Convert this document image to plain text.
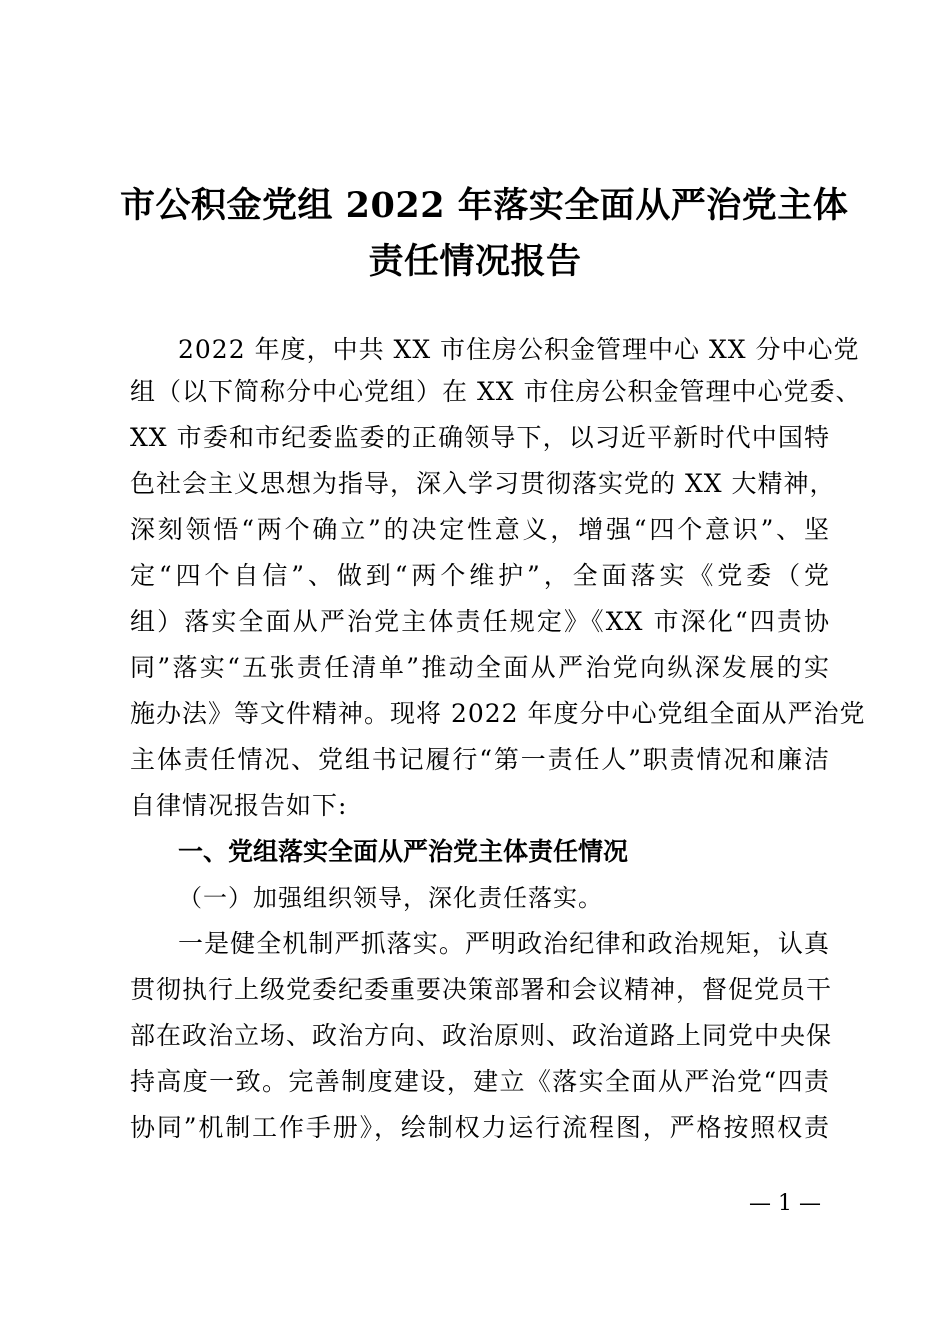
市公积金党组 2022 年落实全面从严治党主体
责任情况报告
2022 年度，中共 XX 市住房公积金管理中心 XX 分中心党
组（以下简称分中心党组）在 XX 市住房公积金管理中心党委、
XX 市委和市纪委监委的正确领导下，以习近平新时代中国特
色社会主义思想为指导，深入学习贯彻落实党的 XX 大精神，
深刻领悟“两个确立”的决定性意义，增强“四个意识”、坚
定“四个自信”、做到“两个维护”，全面落实《党委（党
组）落实全面从严治党主体责任规定》《XX 市深化“四责协
同”落实“五张责任清单”推动全面从严治党向纵深发展的实
施办法》等文件精神。现将 2022 年度分中心党组全面从严治党
主体责任情况、党组书记履行“第一责任人”职责情况和廉洁
自律情况报告如下:
一、党组落实全面从严治党主体责任情况
（一）加强组织领导，深化责任落实。
一是健全机制严抓落实。严明政治纪律和政治规矩，认真
贯彻执行上级党委纪委重要决策部署和会议精神，督促党员干
部在政治立场、政治方向、政治原则、政治道路上同党中央保
持高度一致。完善制度建设，建立《落实全面从严治党“四责
协同”机制工作手册》，绘制权力运行流程图，严格按照权责
— 1 —
